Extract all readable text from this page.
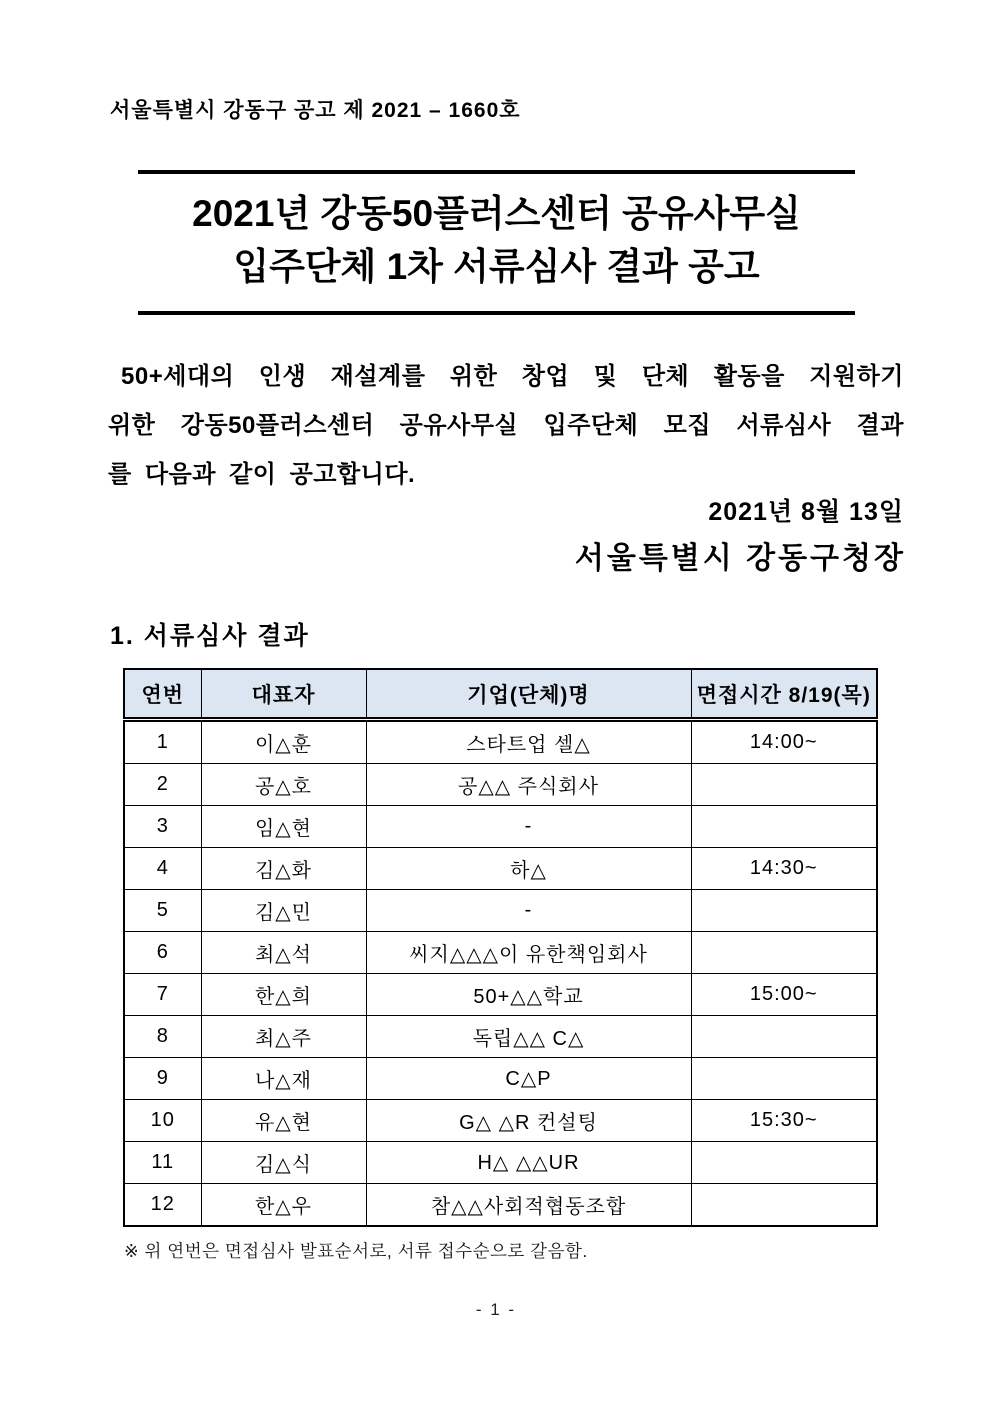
서울특별시 강동구 공고 제 2021 – 1660호
2021년 강동50플러스센터 공유사무실
입주단체 1차 서류심사 결과 공고
50+세대의 인생 재설계를 위한 창업 및 단체 활동을 지원하기
위한 강동50플러스센터 공유사무실 입주단체 모집 서류심사 결과
를 다음과 같이 공고합니다.
2021년 8월 13일
서울특별시 강동구청장
1. 서류심사 결과
연번	대표자	기업(단체)명	면접시간 8/19(목)
1	이△훈	스타트업 셀△	14:00~
2	공△호	공△△ 주식회사	
3	임△현	-	
4	김△화	하△	14:30~
5	김△민	-	
6	최△석	씨지△△△이 유한책임회사	
7	한△희	50+△△학교	15:00~
8	최△주	독립△△ C△	
9	나△재	C△P	
10	유△현	G△ △R 컨설팅	15:30~
11	김△식	H△ △△UR	
12	한△우	참△△사회적협동조합	
※ 위 연번은 면접심사 발표순서로, 서류 접수순으로 갈음함.
- 1 -
